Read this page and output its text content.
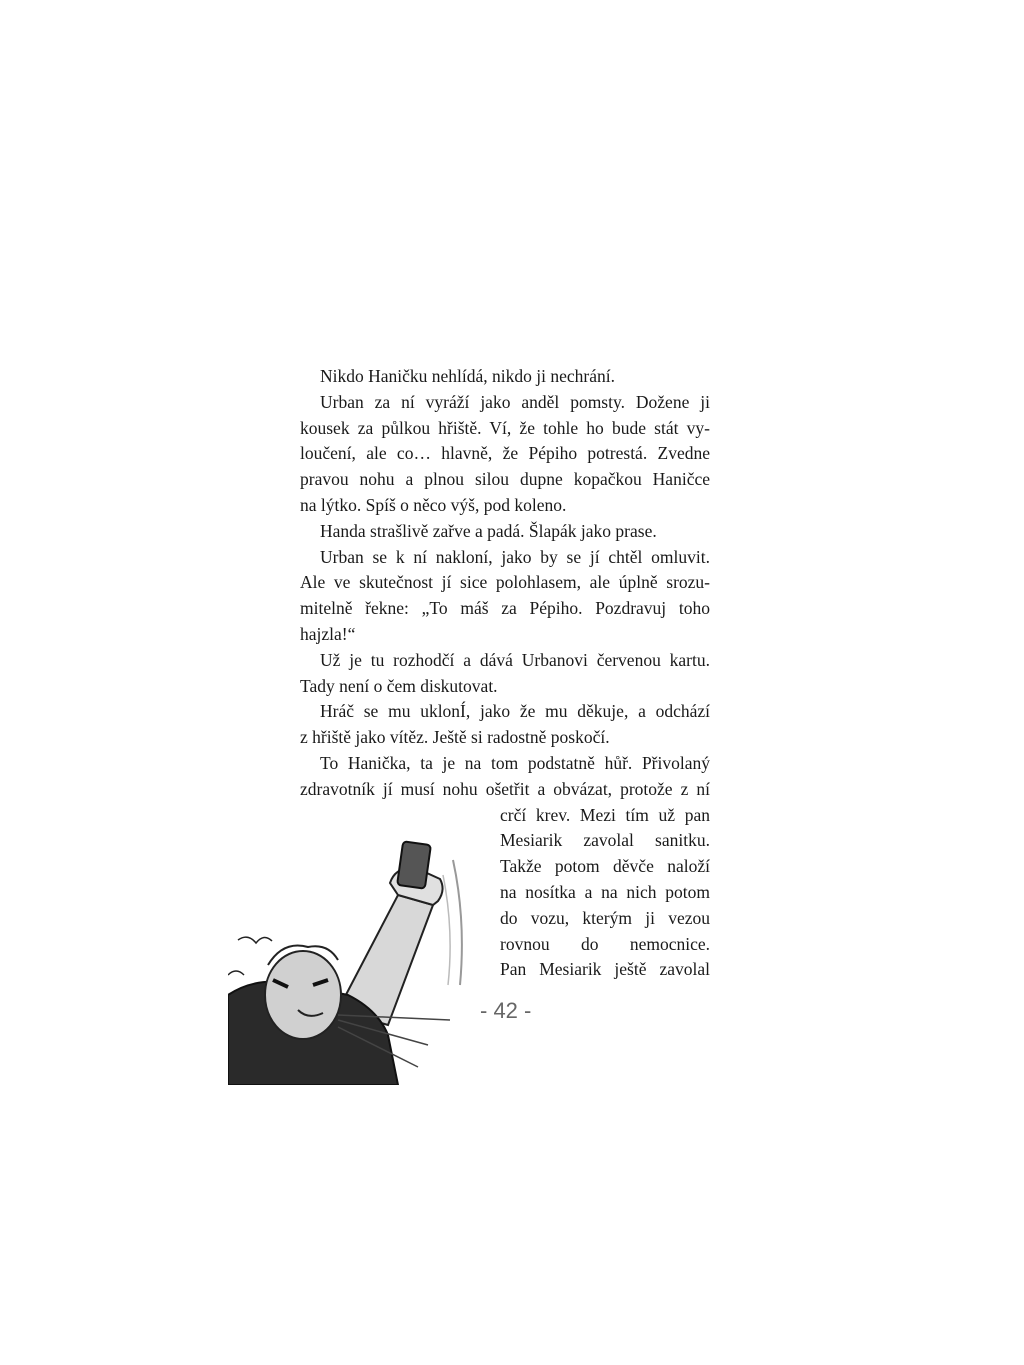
Nikdo Haničku nehlídá, nikdo ji nechrání.
Urban za ní vyráží jako anděl pomsty. Dožene ji
kousek za půlkou hřiště. Ví, že tohle ho bude stát vy-
loučení, ale co… hlavně, že Pépiho potrestá. Zvedne
pravou nohu a plnou silou dupne kopačkou Haničce
na lýtko. Spíš o něco výš, pod koleno.
Handa strašlivě zařve a padá. Šlapák jako prase.
Urban se k ní nakloní, jako by se jí chtěl omluvit.
Ale ve skutečnost jí sice polohlasem, ale úplně srozu-
mitelně řekne: „To máš za Pépiho. Pozdravuj toho
hajzla!“
Už je tu rozhodčí a dává Urbanovi červenou kartu.
Tady není o čem diskutovat.
Hráč se mu uklonÍ, jako že mu děkuje, a odchází
z hřiště jako vítěz. Ještě si radostně poskočí.
To Hanička, ta je na tom podstatně hůř. Přivolaný
zdravotník jí musí nohu ošetřit a obvázat, protože z ní
crčí krev. Mezi tím už pan
Mesiarik zavolal sanitku.
Takže potom děvče naloží
na nosítka a na nich potom
do vozu, kterým ji vezou
rovnou do nemocnice.
Pan Mesiarik ještě zavolal
- 42 -
